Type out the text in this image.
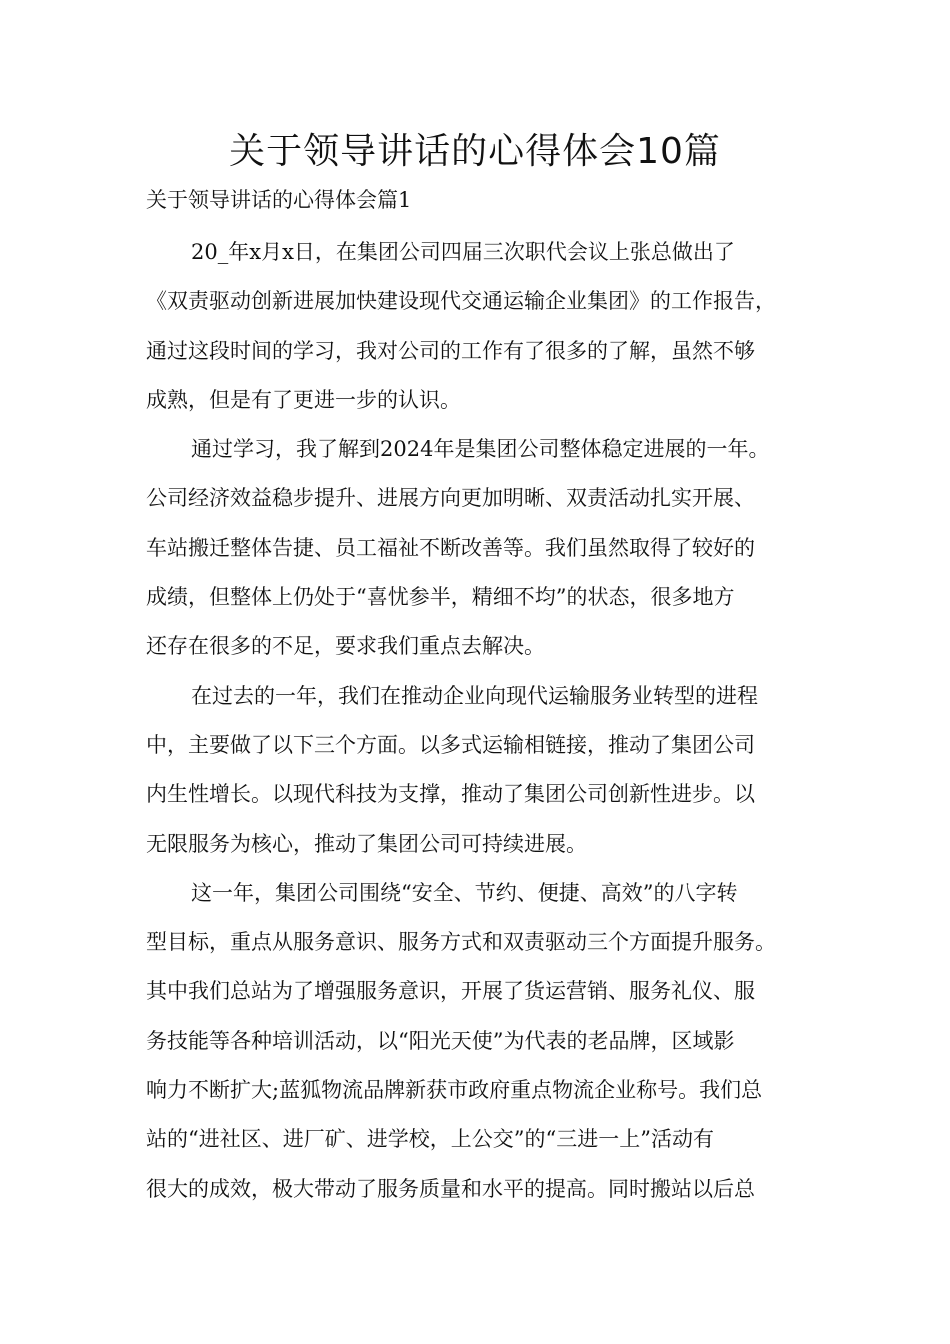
关于领导讲话的心得体会10篇
关于领导讲话的心得体会篇1

20_年x月x日，在集团公司四届三次职代会议上张总做出了
《双责驱动创新进展加快建设现代交通运输企业集团》的工作报告，
通过这段时间的学习，我对公司的工作有了很多的了解，虽然不够
成熟，但是有了更进一步的认识。

通过学习，我了解到2024年是集团公司整体稳定进展的一年。
公司经济效益稳步提升、进展方向更加明晰、双责活动扎实开展、
车站搬迁整体告捷、员工福祉不断改善等。我们虽然取得了较好的
成绩，但整体上仍处于“喜忧参半，精细不均”的状态，很多地方
还存在很多的不足，要求我们重点去解决。

在过去的一年，我们在推动企业向现代运输服务业转型的进程
中，主要做了以下三个方面。以多式运输相链接，推动了集团公司
内生性增长。以现代科技为支撑，推动了集团公司创新性进步。以
无限服务为核心，推动了集团公司可持续进展。

这一年，集团公司围绕“安全、节约、便捷、高效”的八字转
型目标，重点从服务意识、服务方式和双责驱动三个方面提升服务。
其中我们总站为了增强服务意识，开展了货运营销、服务礼仪、服
务技能等各种培训活动，以“阳光天使”为代表的老品牌，区域影
响力不断扩大;蓝狐物流品牌新获市政府重点物流企业称号。我们总
站的“进社区、进厂矿、进学校，上公交”的“三进一上”活动有
很大的成效，极大带动了服务质量和水平的提高。同时搬站以后总
